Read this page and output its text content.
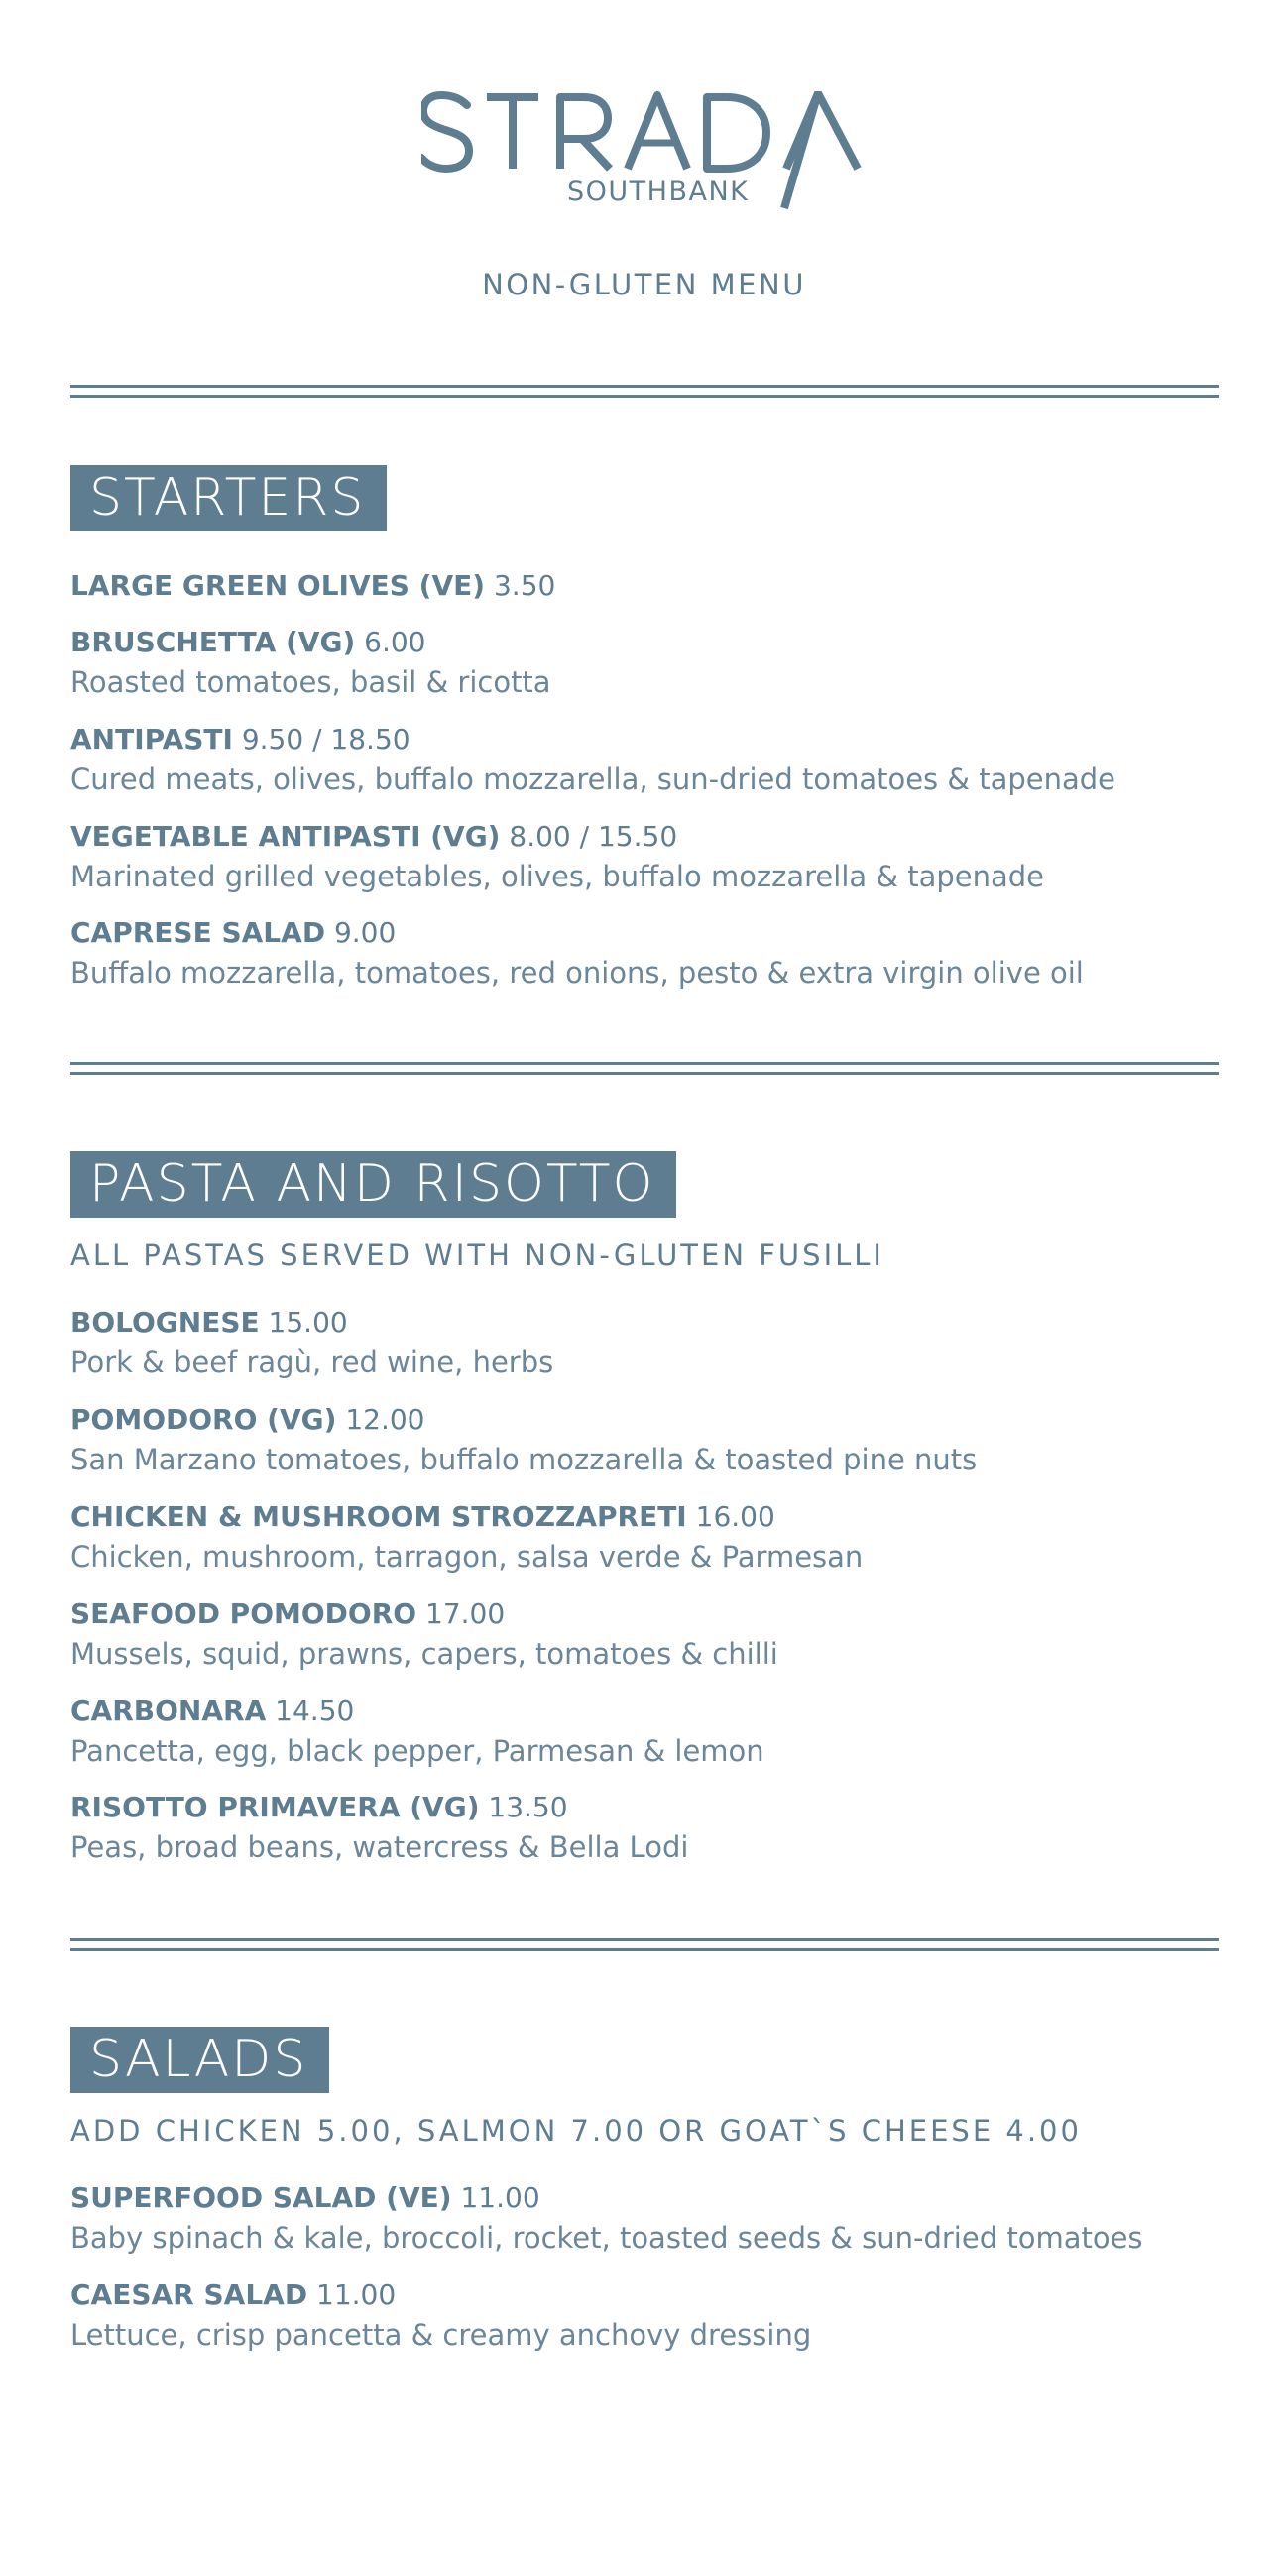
SOUTHBANK
NON-GLUTEN MENU
STARTERS
LARGE GREEN OLIVES (VE) 3.50
BRUSCHETTA (VG) 6.00
Roasted tomatoes, basil & ricotta
ANTIPASTI 9.50 / 18.50
Cured meats, olives, buffalo mozzarella, sun-dried tomatoes & tapenade
VEGETABLE ANTIPASTI (VG) 8.00 / 15.50
Marinated grilled vegetables, olives, buffalo mozzarella & tapenade
CAPRESE SALAD 9.00
Buffalo mozzarella, tomatoes, red onions, pesto & extra virgin olive oil
PASTA AND RISOTTO
ALL PASTAS SERVED WITH NON-GLUTEN FUSILLI
BOLOGNESE 15.00
Pork & beef ragù, red wine, herbs
POMODORO (VG) 12.00
San Marzano tomatoes, buffalo mozzarella & toasted pine nuts
CHICKEN & MUSHROOM STROZZAPRETI 16.00
Chicken, mushroom, tarragon, salsa verde & Parmesan
SEAFOOD POMODORO 17.00
Mussels, squid, prawns, capers, tomatoes & chilli
CARBONARA 14.50
Pancetta, egg, black pepper, Parmesan & lemon
RISOTTO PRIMAVERA (VG) 13.50
Peas, broad beans, watercress & Bella Lodi
SALADS
ADD CHICKEN 5.00, SALMON 7.00 OR GOAT`S CHEESE 4.00
SUPERFOOD SALAD (VE) 11.00
Baby spinach & kale, broccoli, rocket, toasted seeds & sun-dried tomatoes
CAESAR SALAD 11.00
Lettuce, crisp pancetta & creamy anchovy dressing
